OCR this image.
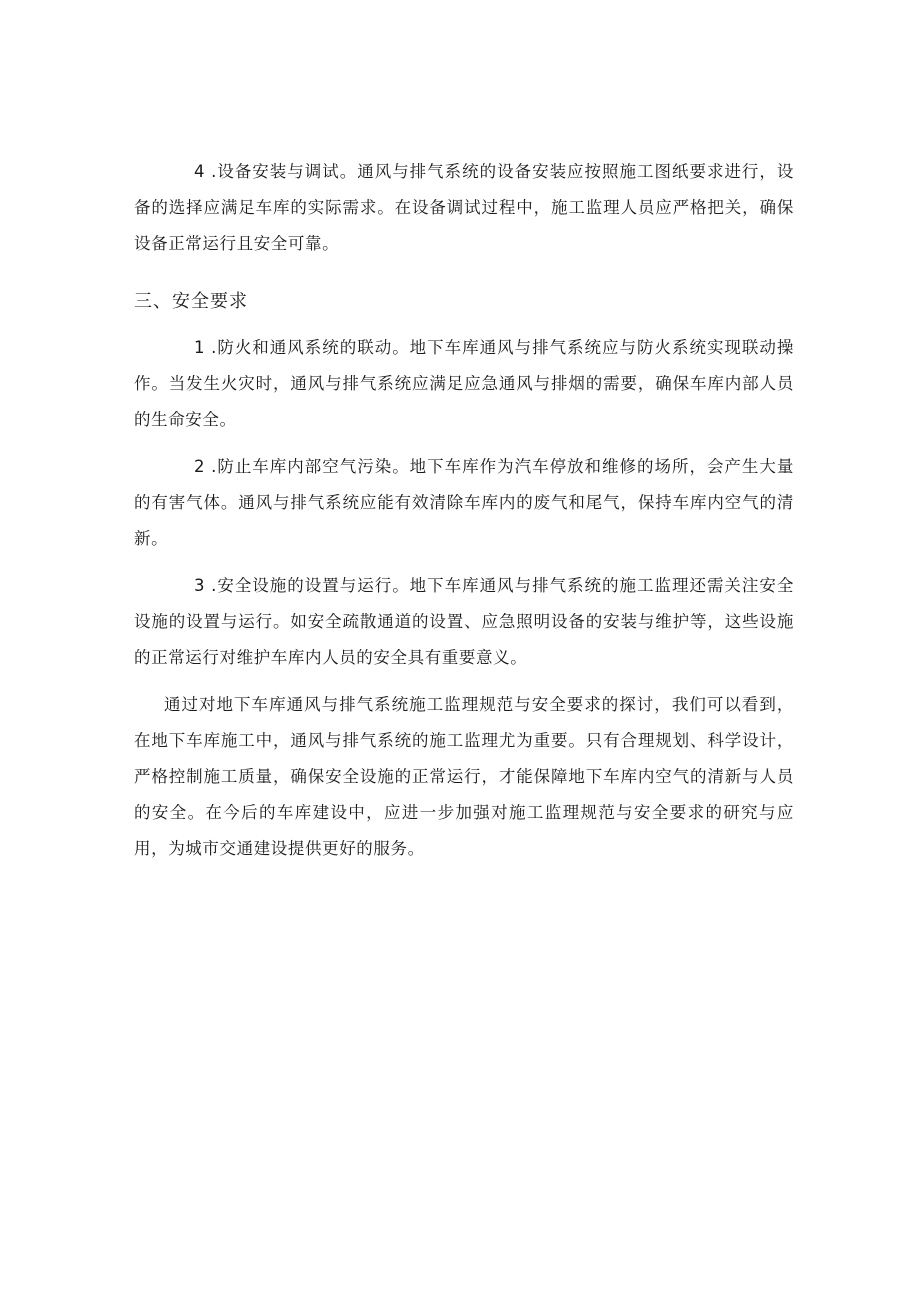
4 .设备安装与调试。通风与排气系统的设备安装应按照施工图纸要求进行，设备的选择应满足车库的实际需求。在设备调试过程中，施工监理人员应严格把关，确保设备正常运行且安全可靠。

三、安全要求

1 .防火和通风系统的联动。地下车库通风与排气系统应与防火系统实现联动操作。当发生火灾时，通风与排气系统应满足应急通风与排烟的需要，确保车库内部人员的生命安全。

2 .防止车库内部空气污染。地下车库作为汽车停放和维修的场所，会产生大量的有害气体。通风与排气系统应能有效清除车库内的废气和尾气，保持车库内空气的清新。

3 .安全设施的设置与运行。地下车库通风与排气系统的施工监理还需关注安全设施的设置与运行。如安全疏散通道的设置、应急照明设备的安装与维护等，这些设施的正常运行对维护车库内人员的安全具有重要意义。

通过对地下车库通风与排气系统施工监理规范与安全要求的探讨，我们可以看到，在地下车库施工中，通风与排气系统的施工监理尤为重要。只有合理规划、科学设计，严格控制施工质量，确保安全设施的正常运行，才能保障地下车库内空气的清新与人员的安全。在今后的车库建设中，应进一步加强对施工监理规范与安全要求的研究与应用，为城市交通建设提供更好的服务。
